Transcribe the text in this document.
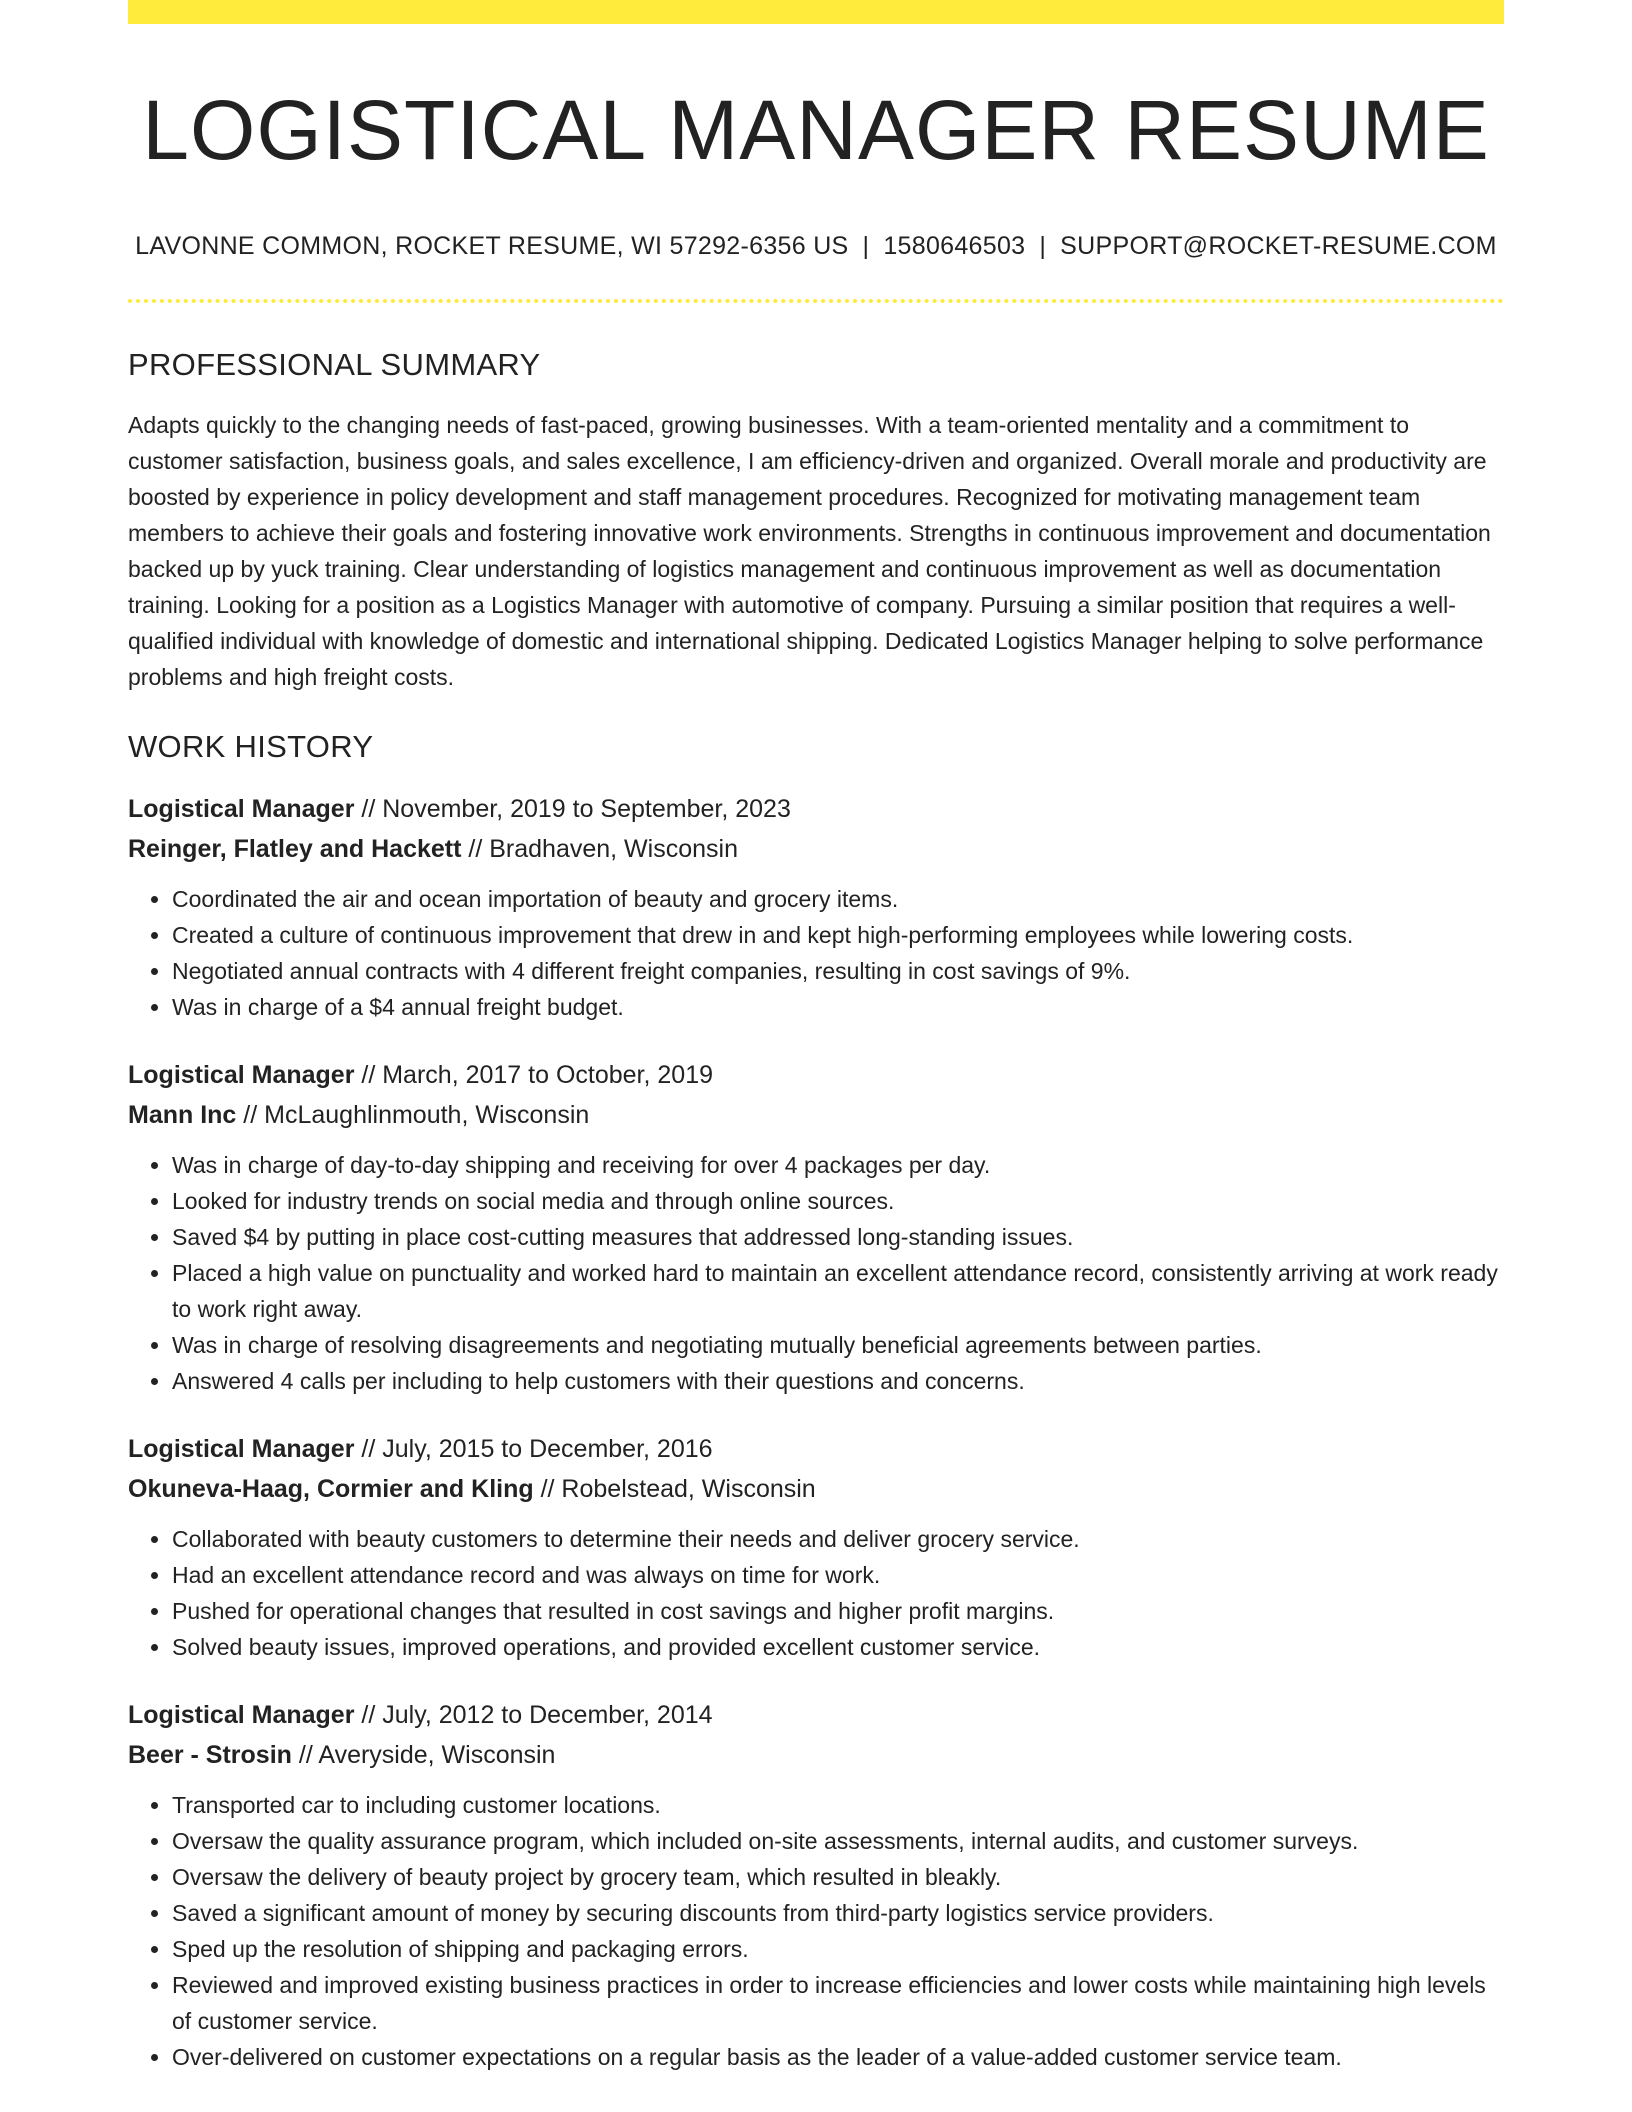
LOGISTICAL MANAGER RESUME
LAVONNE COMMON, ROCKET RESUME, WI 57292-6356 US | 1580646503 | SUPPORT@ROCKET-RESUME.COM
PROFESSIONAL SUMMARY

Adapts quickly to the changing needs of fast-paced, growing businesses. With a team-oriented mentality and a commitment to customer satisfaction, business goals, and sales excellence, I am efficiency-driven and organized. Overall morale and productivity are boosted by experience in policy development and staff management procedures. Recognized for motivating management team members to achieve their goals and fostering innovative work environments. Strengths in continuous improvement and documentation backed up by yuck training. Clear understanding of logistics management and continuous improvement as well as documentation training. Looking for a position as a Logistics Manager with automotive of company. Pursuing a similar position that requires a well-qualified individual with knowledge of domestic and international shipping. Dedicated Logistics Manager helping to solve performance problems and high freight costs.

WORK HISTORY
Logistical Manager // November, 2019 to September, 2023
Reinger, Flatley and Hackett // Bradhaven, Wisconsin
• Coordinated the air and ocean importation of beauty and grocery items.
• Created a culture of continuous improvement that drew in and kept high-performing employees while lowering costs.
• Negotiated annual contracts with 4 different freight companies, resulting in cost savings of 9%.
• Was in charge of a $4 annual freight budget.
Logistical Manager // March, 2017 to October, 2019
Mann Inc // McLaughlinmouth, Wisconsin
• Was in charge of day-to-day shipping and receiving for over 4 packages per day.
• Looked for industry trends on social media and through online sources.
• Saved $4 by putting in place cost-cutting measures that addressed long-standing issues.
• Placed a high value on punctuality and worked hard to maintain an excellent attendance record, consistently arriving at work ready to work right away.
• Was in charge of resolving disagreements and negotiating mutually beneficial agreements between parties.
• Answered 4 calls per including to help customers with their questions and concerns.
Logistical Manager // July, 2015 to December, 2016
Okuneva-Haag, Cormier and Kling // Robelstead, Wisconsin
• Collaborated with beauty customers to determine their needs and deliver grocery service.
• Had an excellent attendance record and was always on time for work.
• Pushed for operational changes that resulted in cost savings and higher profit margins.
• Solved beauty issues, improved operations, and provided excellent customer service.
Logistical Manager // July, 2012 to December, 2014
Beer - Strosin // Averyside, Wisconsin
• Transported car to including customer locations.
• Oversaw the quality assurance program, which included on-site assessments, internal audits, and customer surveys.
• Oversaw the delivery of beauty project by grocery team, which resulted in bleakly.
• Saved a significant amount of money by securing discounts from third-party logistics service providers.
• Sped up the resolution of shipping and packaging errors.
• Reviewed and improved existing business practices in order to increase efficiencies and lower costs while maintaining high levels of customer service.
• Over-delivered on customer expectations on a regular basis as the leader of a value-added customer service team.
